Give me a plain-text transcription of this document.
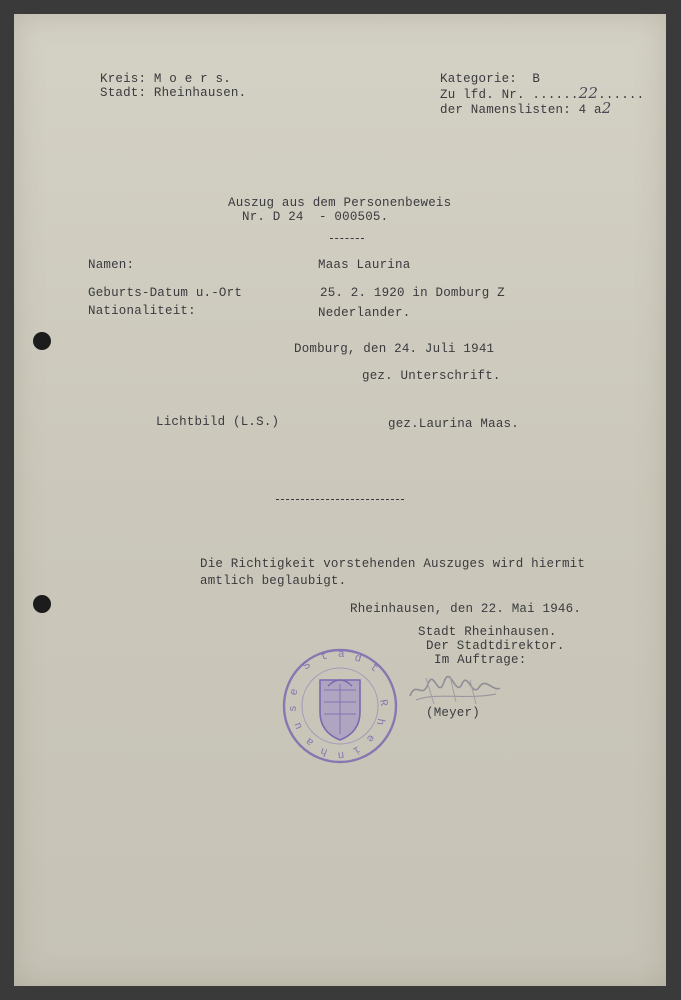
Kreis: M o e r s.
Stadt: Rheinhausen.
Kategorie:  B
Zu lfd. Nr. ......22......
der Namenslisten: 4 a2
Auszug aus dem Personenbeweis
Nr. D 24  - 000505.
Namen:	Maas Laurina
Geburts-Datum u.-Ort	25. 2. 1920 in Domburg Z
Nationaliteit:	Nederlander.
Domburg, den 24. Juli 1941
gez. Unterschrift.
Lichtbild (L.S.)	gez.Laurina Maas.
Die Richtigkeit vorstehenden Auszuges wird hiermit
amtlich beglaubigt.
Rheinhausen, den 22. Mai 1946.
Stadt Rheinhausen.
Der Stadtdirektor.
Im Auftrage:
(Meyer)
S
t a d
t
R
h
e
i
n
h
a
u
s
e
